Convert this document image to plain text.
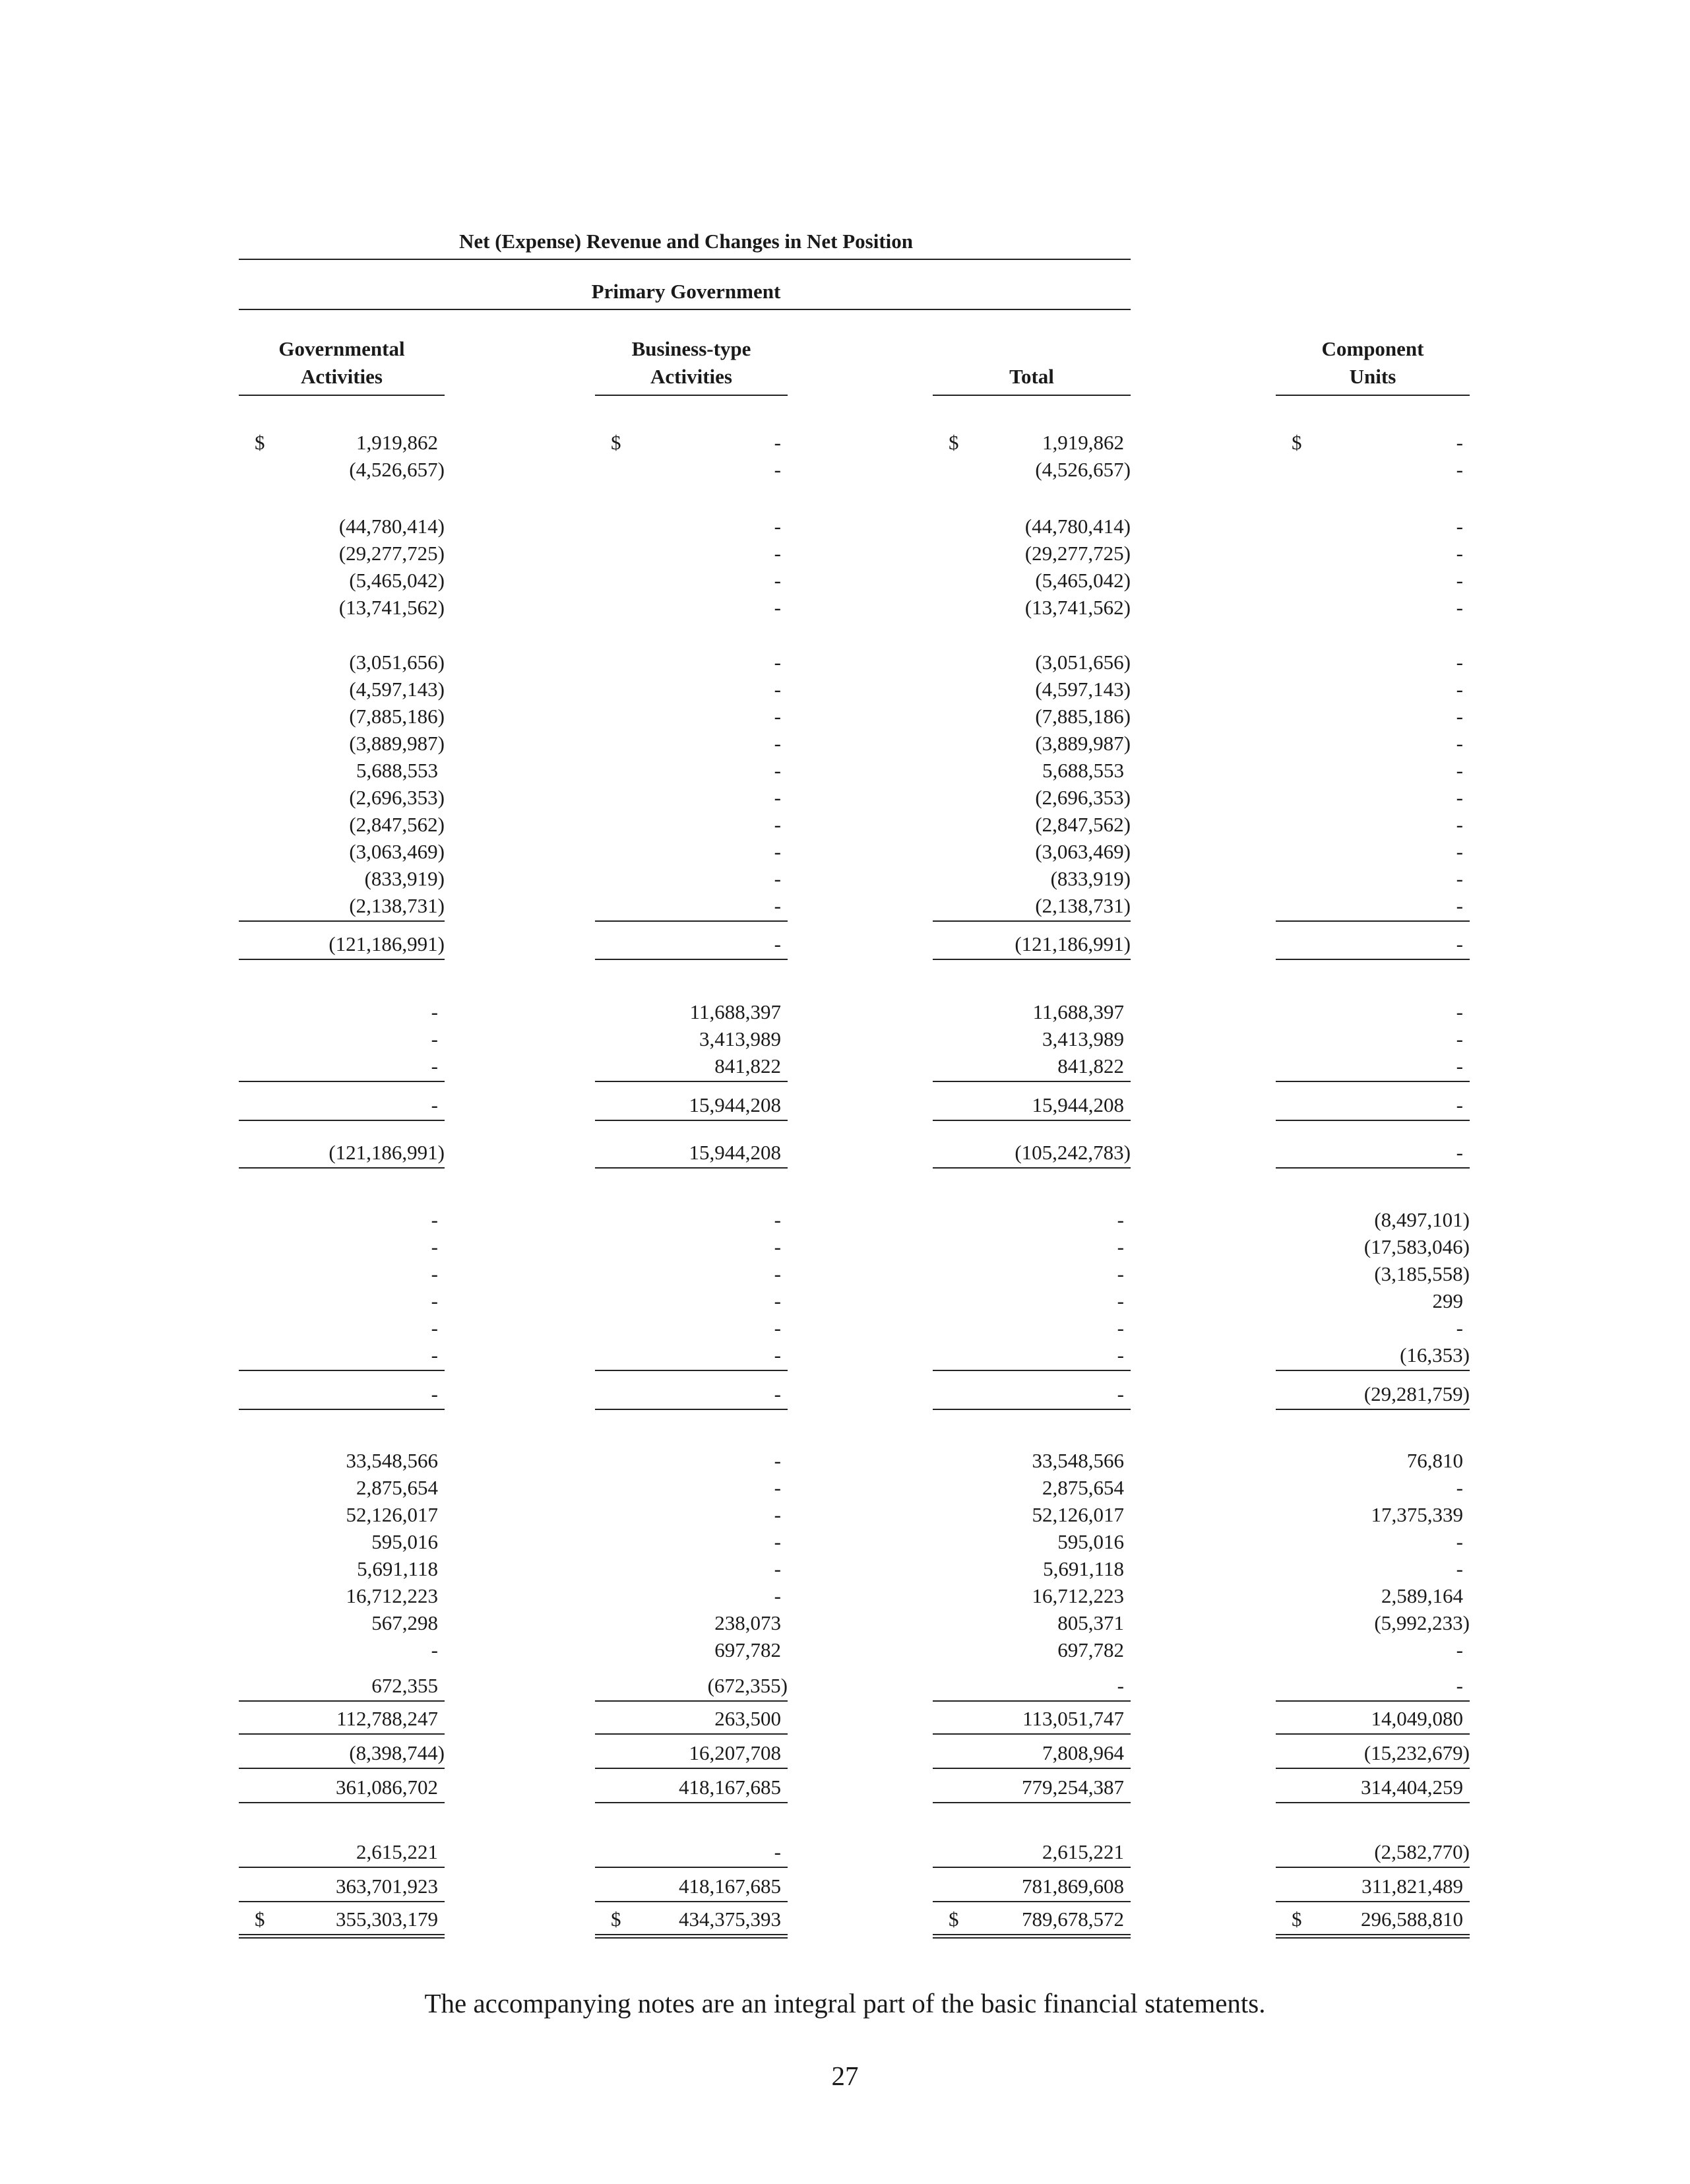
Net (Expense) Revenue and Changes in Net Position
Primary Government
Governmental
Activities
Business-type
Activities
	Total
Component
Units
$	1,919,862	$	-	$	1,919,862	$	-
(4,526,657)	-	(4,526,657)	-
(44,780,414)	-	(44,780,414)	-
(29,277,725)	-	(29,277,725)	-
(5,465,042)	-	(5,465,042)	-
(13,741,562)	-	(13,741,562)	-
(3,051,656)	-	(3,051,656)	-
(4,597,143)	-	(4,597,143)	-
(7,885,186)	-	(7,885,186)	-
(3,889,987)	-	(3,889,987)	-
5,688,553	-	5,688,553	-
(2,696,353)	-	(2,696,353)	-
(2,847,562)	-	(2,847,562)	-
(3,063,469)	-	(3,063,469)	-
(833,919)	-	(833,919)	-
(2,138,731)	-	(2,138,731)	-
(121,186,991)	-	(121,186,991)	-
-	11,688,397	11,688,397	-
-	3,413,989	3,413,989	-
-	841,822	841,822	-
-	15,944,208	15,944,208	-
(121,186,991)	15,944,208	(105,242,783)	-
-	-	-	(8,497,101)
-	-	-	(17,583,046)
-	-	-	(3,185,558)
-	-	-	299
-	-	-	-
-	-	-	(16,353)
-	-	-	(29,281,759)
33,548,566	-	33,548,566	76,810
2,875,654	-	2,875,654	-
52,126,017	-	52,126,017	17,375,339
595,016	-	595,016	-
5,691,118	-	5,691,118	-
16,712,223	-	16,712,223	2,589,164
567,298	238,073	805,371	(5,992,233)
-	697,782	697,782	-
672,355	(672,355)	-	-
112,788,247	263,500	113,051,747	14,049,080
(8,398,744)	16,207,708	7,808,964	(15,232,679)
361,086,702	418,167,685	779,254,387	314,404,259
2,615,221	-	2,615,221	(2,582,770)
363,701,923	418,167,685	781,869,608	311,821,489
$	355,303,179	$	434,375,393	$	789,678,572	$	296,588,810
The accompanying notes are an integral part of the basic financial statements.
27
